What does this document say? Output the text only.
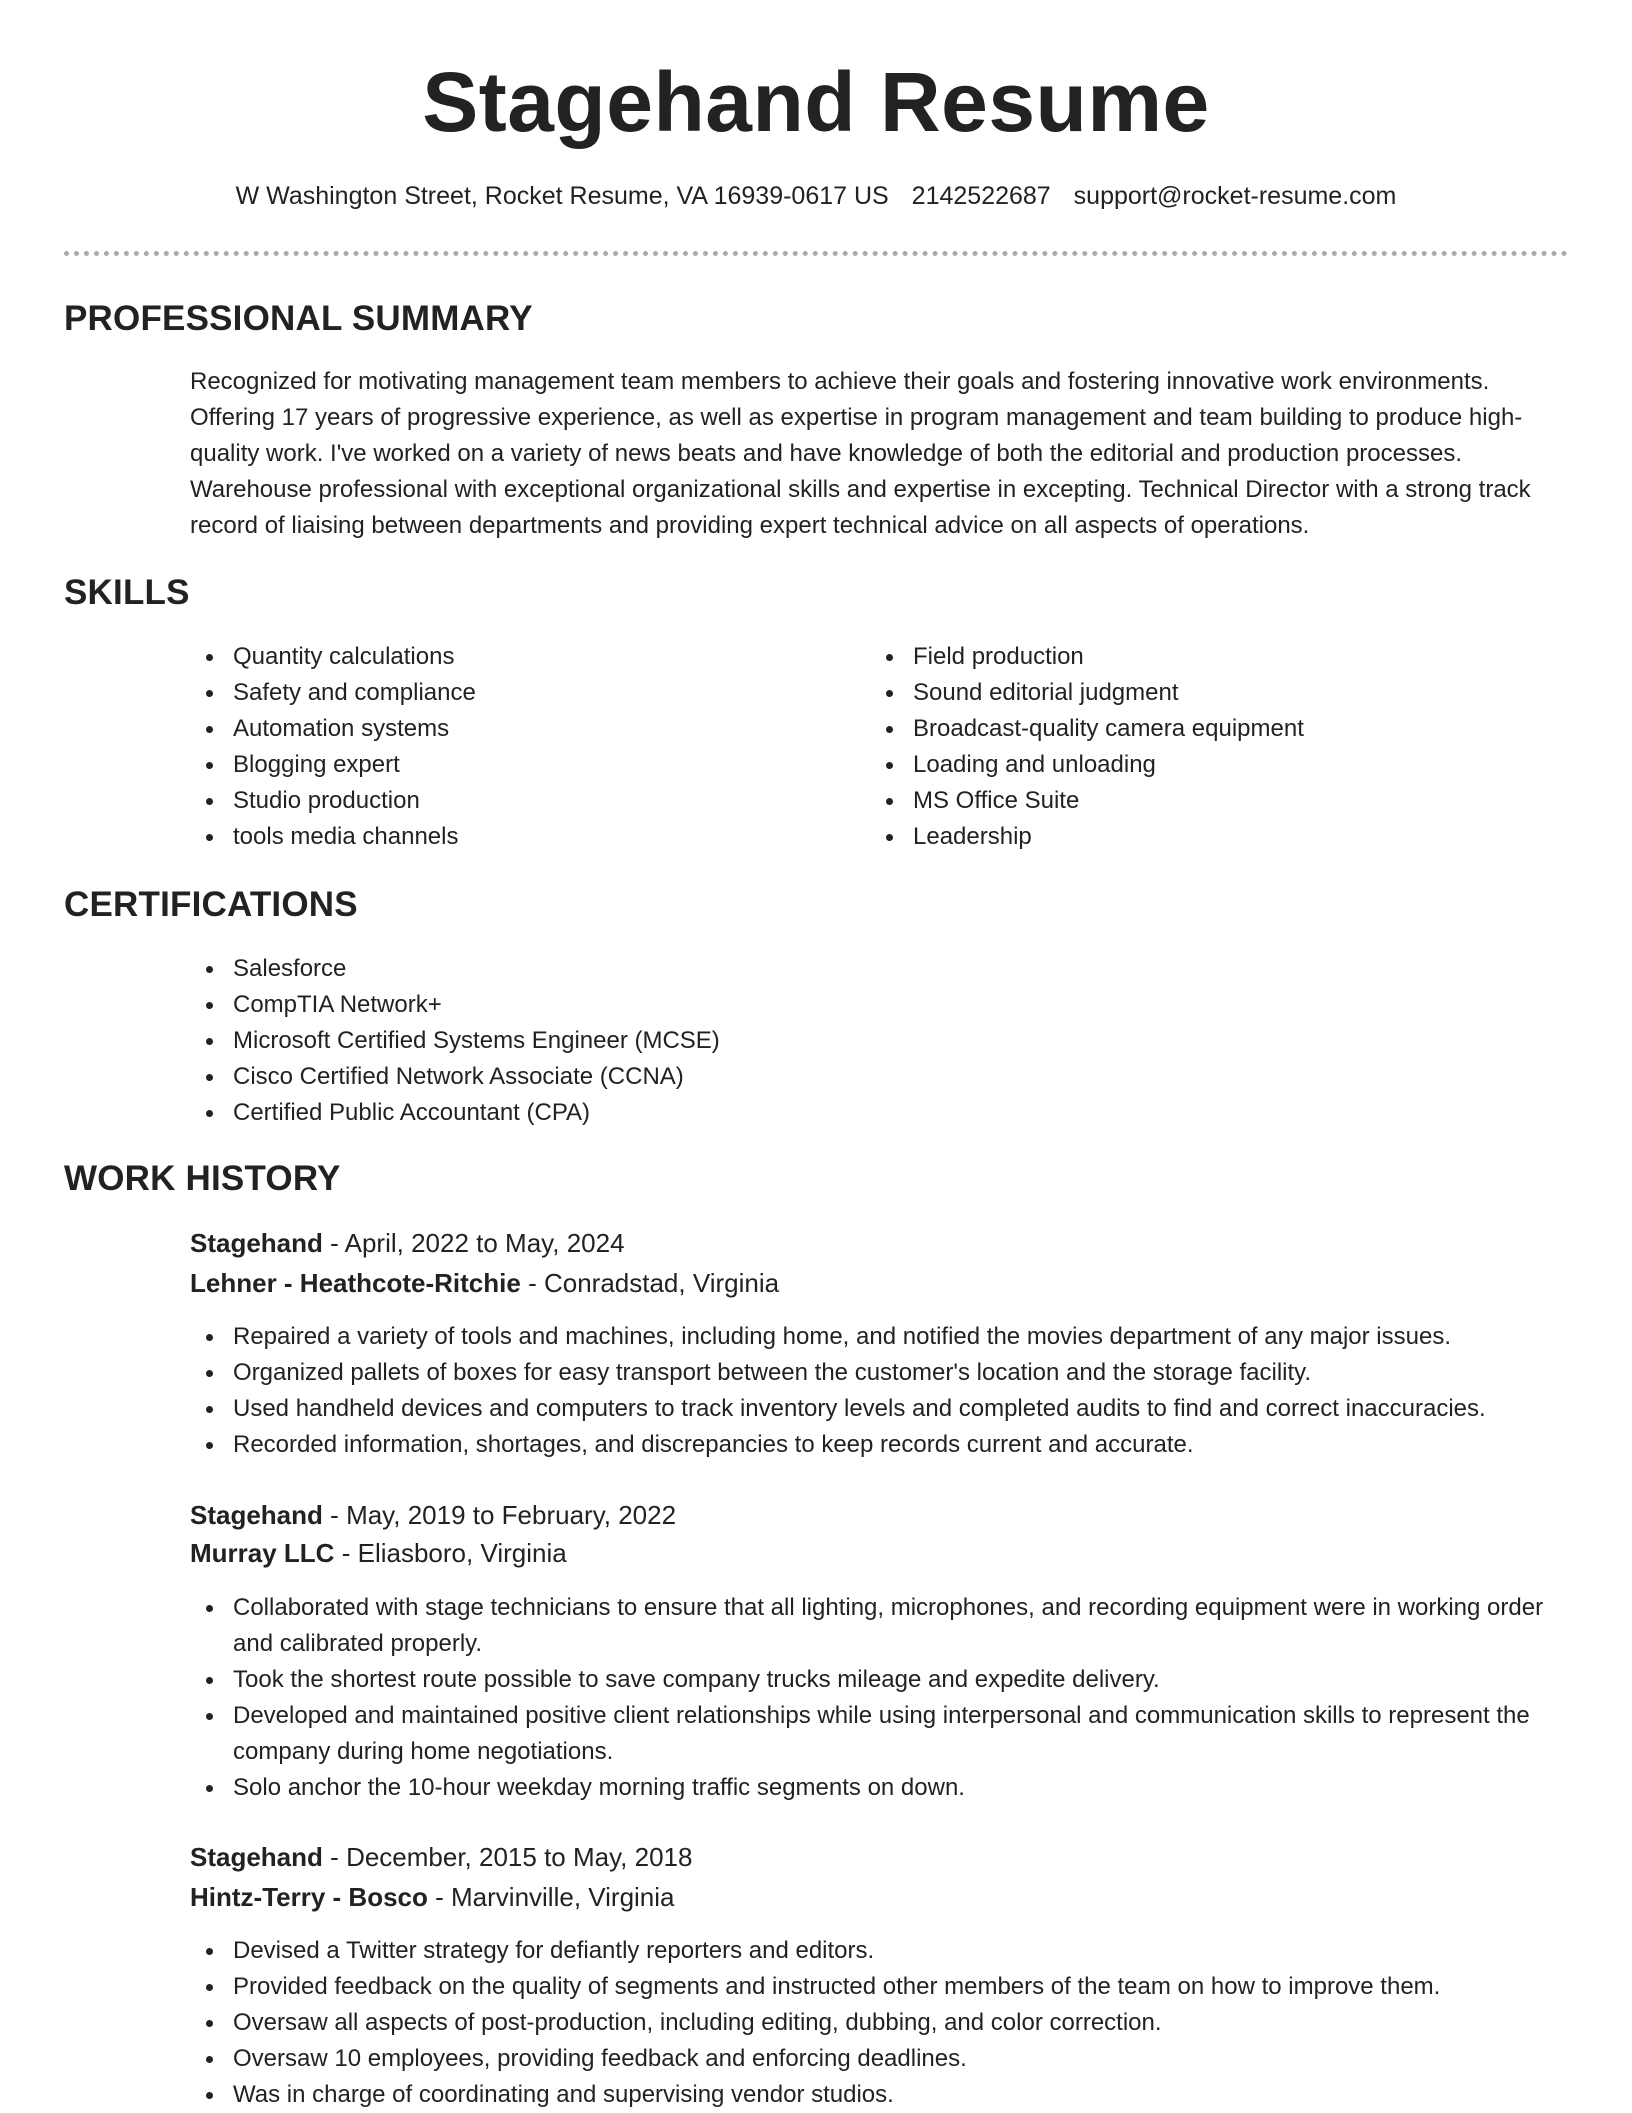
Stagehand Resume
W Washington Street, Rocket Resume, VA 16939-0617 US 2142522687 support@rocket-resume.com
PROFESSIONAL SUMMARY

Recognized for motivating management team members to achieve their goals and fostering innovative work environments. Offering 17 years of progressive experience, as well as expertise in program management and team building to produce high-quality work. I've worked on a variety of news beats and have knowledge of both the editorial and production processes. Warehouse professional with exceptional organizational skills and expertise in excepting. Technical Director with a strong track record of liaising between departments and providing expert technical advice on all aspects of operations.

SKILLS
Quantity calculations
Safety and compliance
Automation systems
Blogging expert
Studio production
tools media channels
Field production
Sound editorial judgment
Broadcast-quality camera equipment
Loading and unloading
MS Office Suite
Leadership
CERTIFICATIONS
Salesforce
CompTIA Network+
Microsoft Certified Systems Engineer (MCSE)
Cisco Certified Network Associate (CCNA)
Certified Public Accountant (CPA)
WORK HISTORY
Stagehand - April, 2022 to May, 2024
Lehner - Heathcote-Ritchie - Conradstad, Virginia
Repaired a variety of tools and machines, including home, and notified the movies department of any major issues.
Organized pallets of boxes for easy transport between the customer's location and the storage facility.
Used handheld devices and computers to track inventory levels and completed audits to find and correct inaccuracies.
Recorded information, shortages, and discrepancies to keep records current and accurate.
Stagehand - May, 2019 to February, 2022
Murray LLC - Eliasboro, Virginia
Collaborated with stage technicians to ensure that all lighting, microphones, and recording equipment were in working order and calibrated properly.
Took the shortest route possible to save company trucks mileage and expedite delivery.
Developed and maintained positive client relationships while using interpersonal and communication skills to represent the company during home negotiations.
Solo anchor the 10-hour weekday morning traffic segments on down.
Stagehand - December, 2015 to May, 2018
Hintz-Terry - Bosco - Marvinville, Virginia
Devised a Twitter strategy for defiantly reporters and editors.
Provided feedback on the quality of segments and instructed other members of the team on how to improve them.
Oversaw all aspects of post-production, including editing, dubbing, and color correction.
Oversaw 10 employees, providing feedback and enforcing deadlines.
Was in charge of coordinating and supervising vendor studios.
